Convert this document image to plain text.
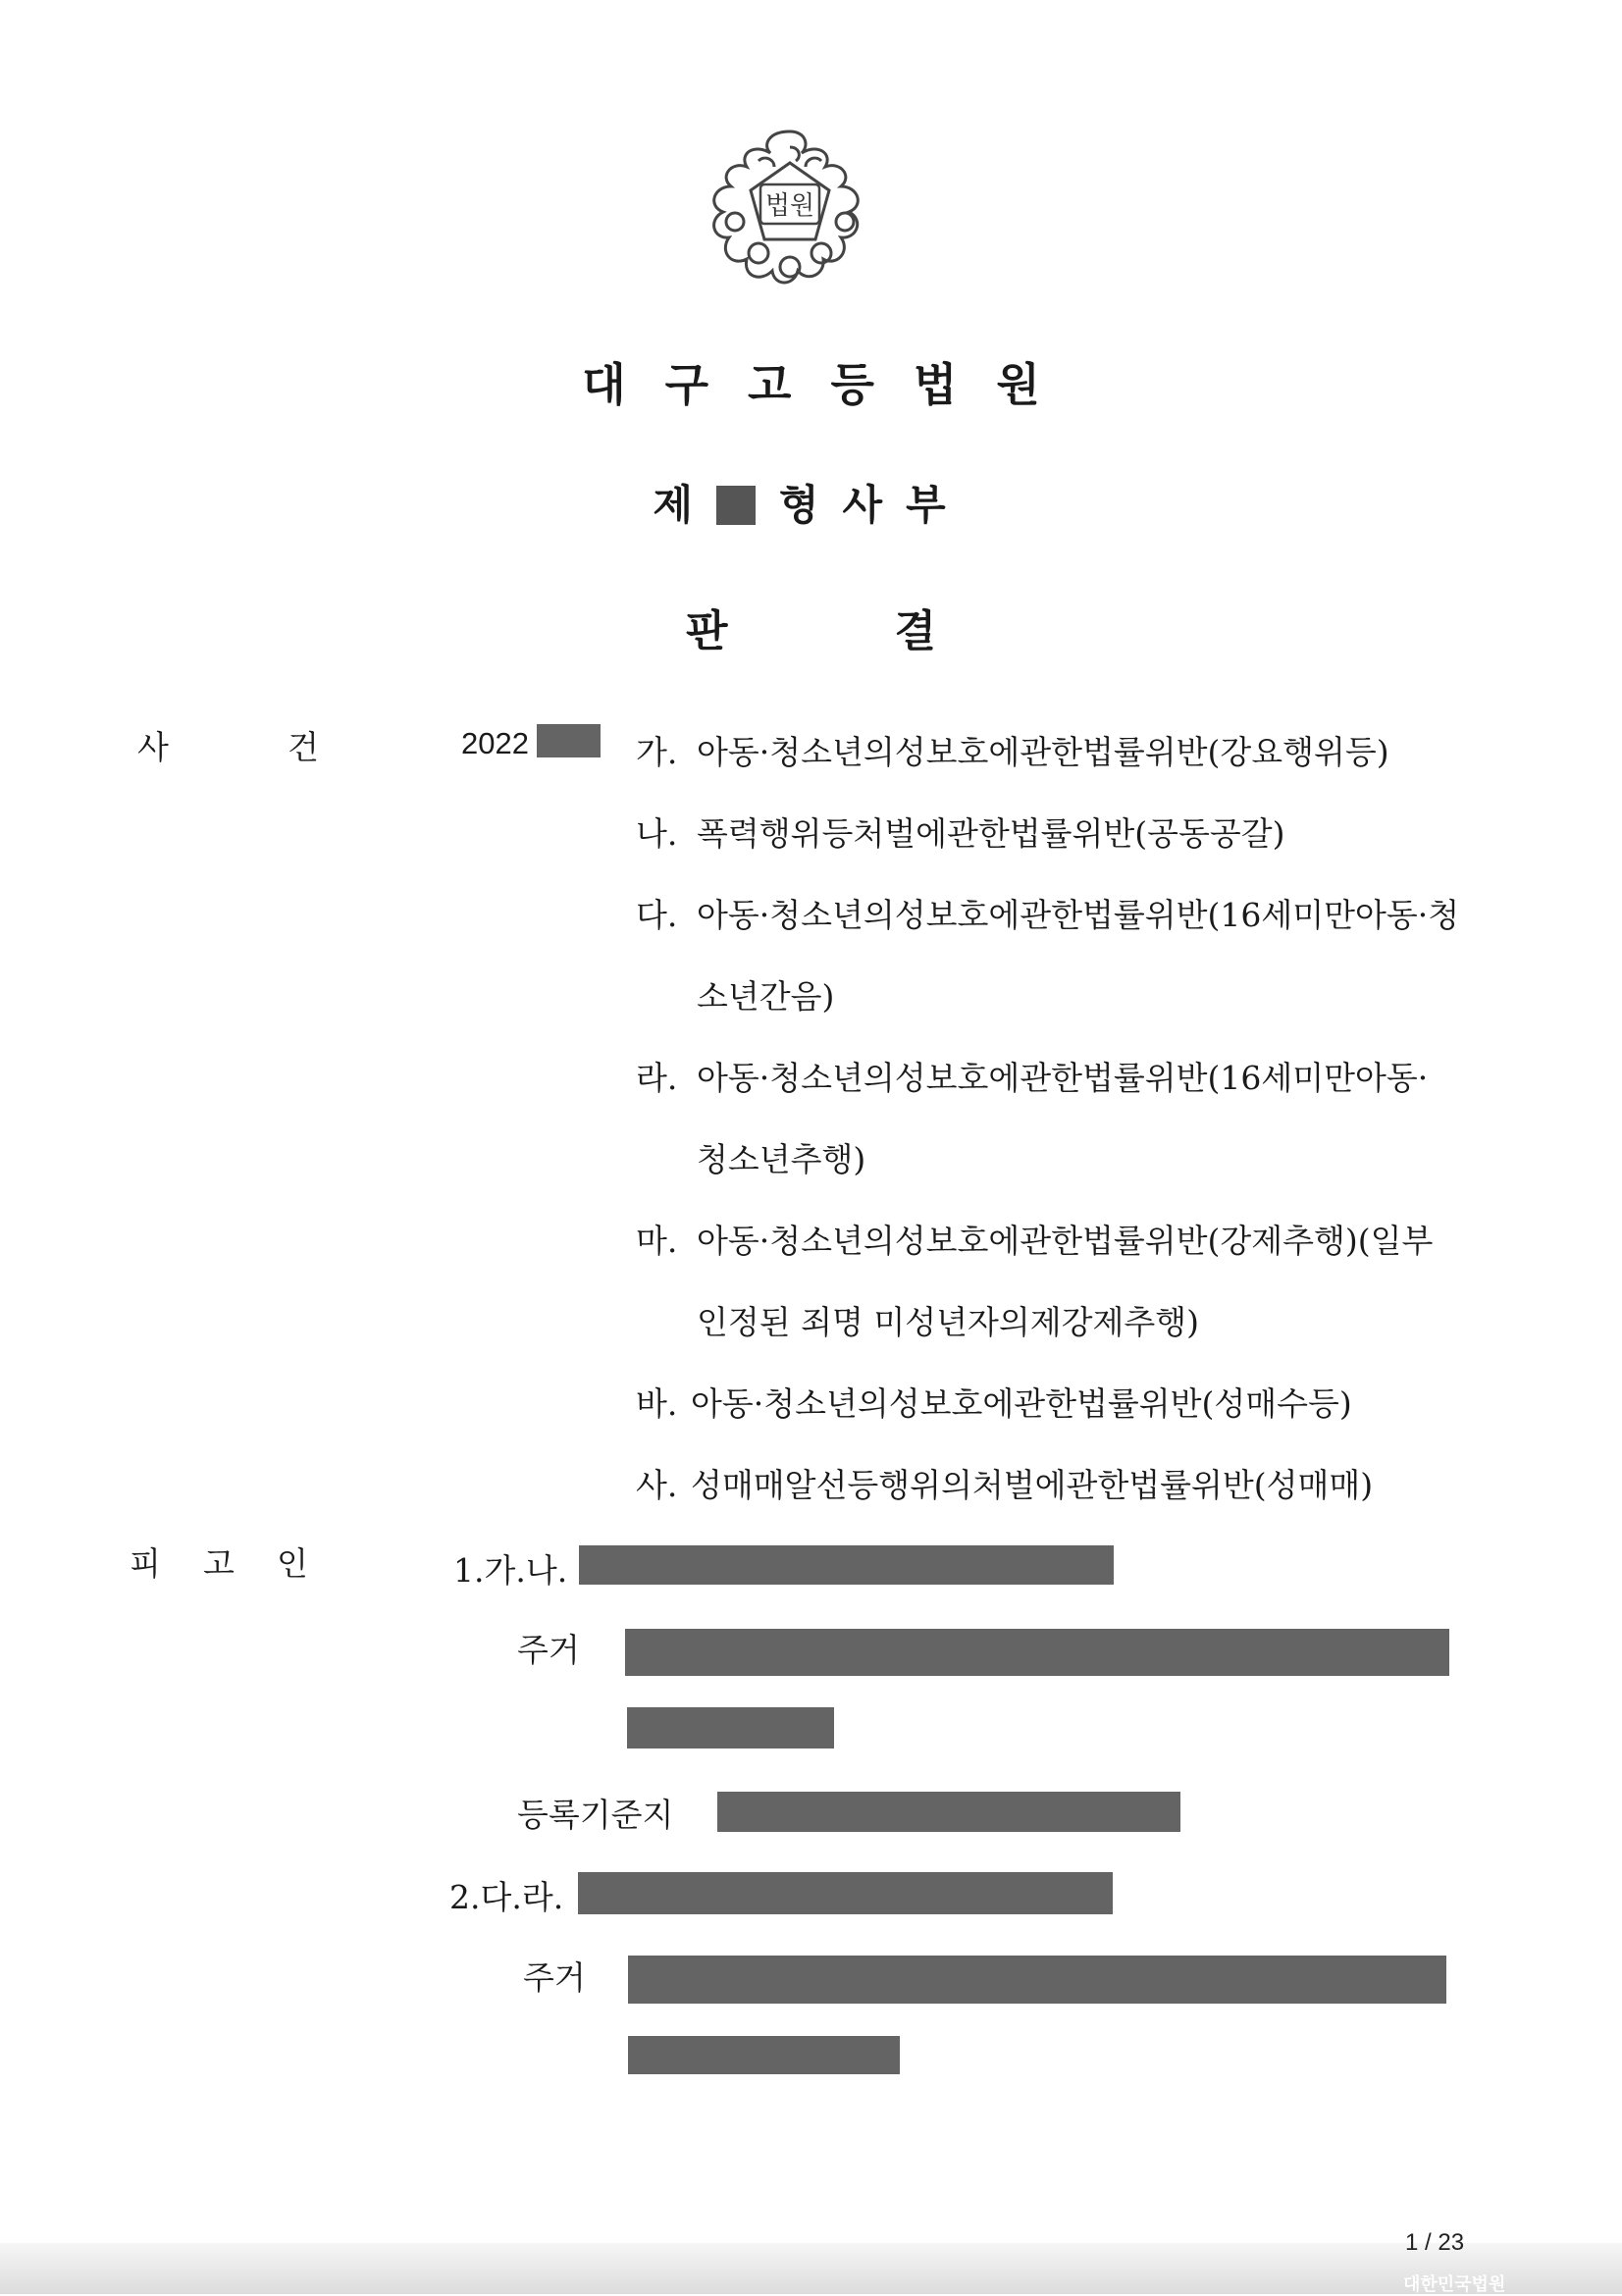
법원
대구고등법원
제 형사부
판	결
사	건	2022	가. 아동·청소년의성보호에관한법률위반(강요행위등)
나. 폭력행위등처벌에관한법률위반(공동공갈)
다. 아동·청소년의성보호에관한법률위반(16세미만아동·청
소년간음)
라. 아동·청소년의성보호에관한법률위반(16세미만아동·
청소년추행)
마. 아동·청소년의성보호에관한법률위반(강제추행)(일부
인정된 죄명 미성년자의제강제추행)
바. 아동·청소년의성보호에관한법률위반(성매수등)
사. 성매매알선등행위의처벌에관한법률위반(성매매)
피 고 인	1.가.나.
주거
등록기준지
2.다.라.
주거
1 / 23
대한민국법원
